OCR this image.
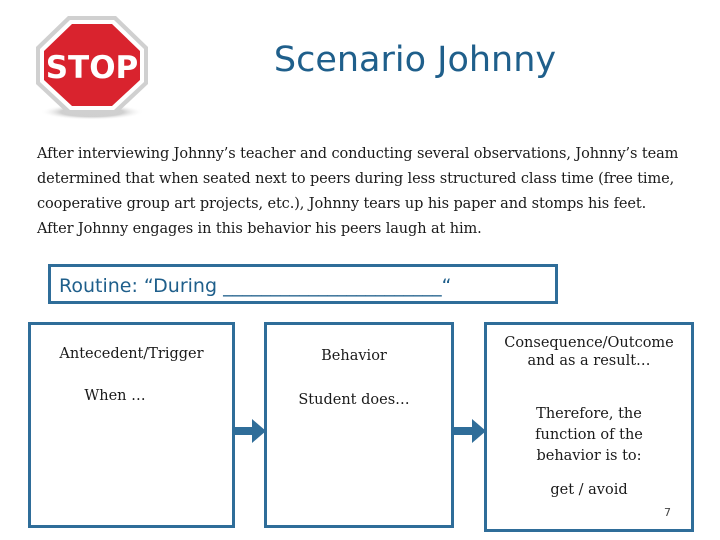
STOP	Scenario Johnny

After interviewing Johnny’s teacher and conducting several observations, Johnny’s team determined that when seated next to peers during less structured class time (free time, cooperative group art projects, etc.), Johnny tears up his paper and stomps his feet. After Johnny engages in this behavior his peers laugh at him.

Routine: “During _______________________“
Antecedent/Trigger
When …
Behavior
Student does…
Consequence/Outcome
and as a result…
Therefore, the
function of the
behavior is to:
get / avoid
7
